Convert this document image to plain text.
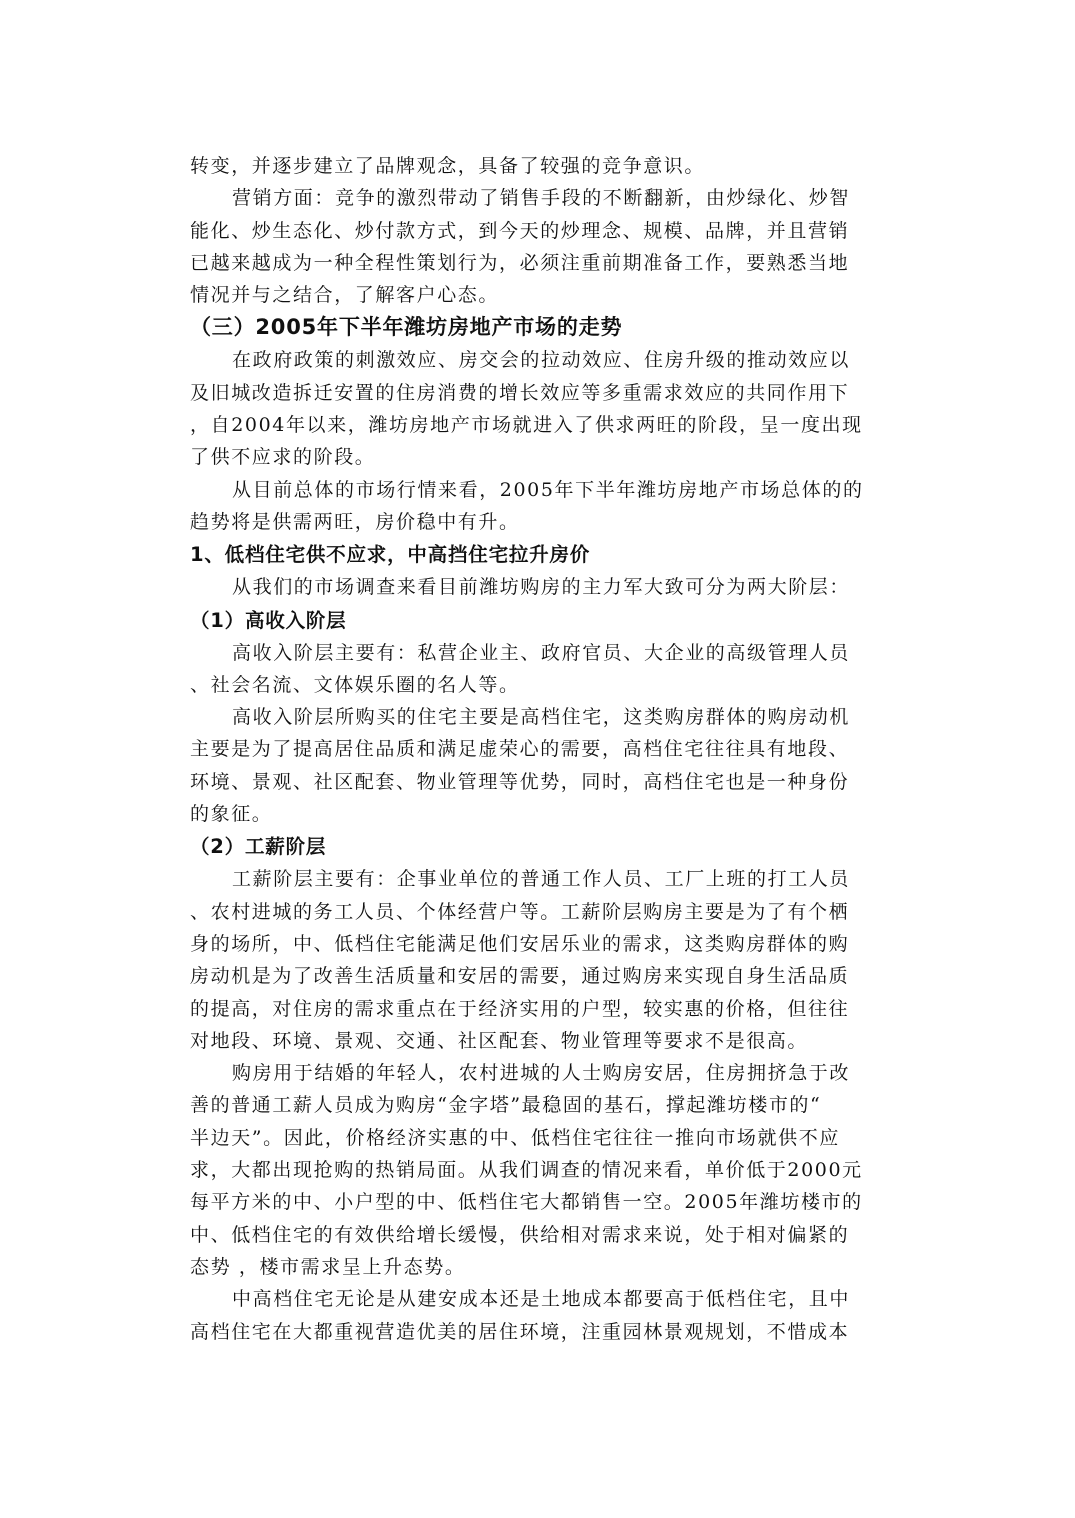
转变，并逐步建立了品牌观念，具备了较强的竞争意识。
营销方面：竞争的激烈带动了销售手段的不断翻新，由炒绿化、炒智
能化、炒生态化、炒付款方式，到今天的炒理念、规模、品牌，并且营销
已越来越成为一种全程性策划行为，必须注重前期准备工作，要熟悉当地
情况并与之结合，了解客户心态。
（三）2005年下半年潍坊房地产市场的走势
在政府政策的刺激效应、房交会的拉动效应、住房升级的推动效应以
及旧城改造拆迁安置的住房消费的增长效应等多重需求效应的共同作用下
，自2004年以来，潍坊房地产市场就进入了供求两旺的阶段，呈一度出现
了供不应求的阶段。
从目前总体的市场行情来看，2005年下半年潍坊房地产市场总体的的
趋势将是供需两旺，房价稳中有升。
1、低档住宅供不应求，中高挡住宅拉升房价
从我们的市场调查来看目前潍坊购房的主力军大致可分为两大阶层：
（1）高收入阶层
高收入阶层主要有：私营企业主、政府官员、大企业的高级管理人员
、社会名流、文体娱乐圈的名人等。
高收入阶层所购买的住宅主要是高档住宅，这类购房群体的购房动机
主要是为了提高居住品质和满足虚荣心的需要，高档住宅往往具有地段、
环境、景观、社区配套、物业管理等优势，同时，高档住宅也是一种身份
的象征。
（2）工薪阶层
工薪阶层主要有：企事业单位的普通工作人员、工厂上班的打工人员
、农村进城的务工人员、个体经营户等。工薪阶层购房主要是为了有个栖
身的场所，中、低档住宅能满足他们安居乐业的需求，这类购房群体的购
房动机是为了改善生活质量和安居的需要，通过购房来实现自身生活品质
的提高，对住房的需求重点在于经济实用的户型，较实惠的价格，但往往
对地段、环境、景观、交通、社区配套、物业管理等要求不是很高。
购房用于结婚的年轻人，农村进城的人士购房安居，住房拥挤急于改
善的普通工薪人员成为购房“金字塔”最稳固的基石，撑起潍坊楼市的“
半边天”。因此，价格经济实惠的中、低档住宅往往一推向市场就供不应
求，大都出现抢购的热销局面。从我们调查的情况来看，单价低于2000元
每平方米的中、小户型的中、低档住宅大都销售一空。2005年潍坊楼市的
中、低档住宅的有效供给增长缓慢，供给相对需求来说，处于相对偏紧的
态势 ，楼市需求呈上升态势。
中高档住宅无论是从建安成本还是土地成本都要高于低档住宅，且中
高档住宅在大都重视营造优美的居住环境，注重园林景观规划，不惜成本
